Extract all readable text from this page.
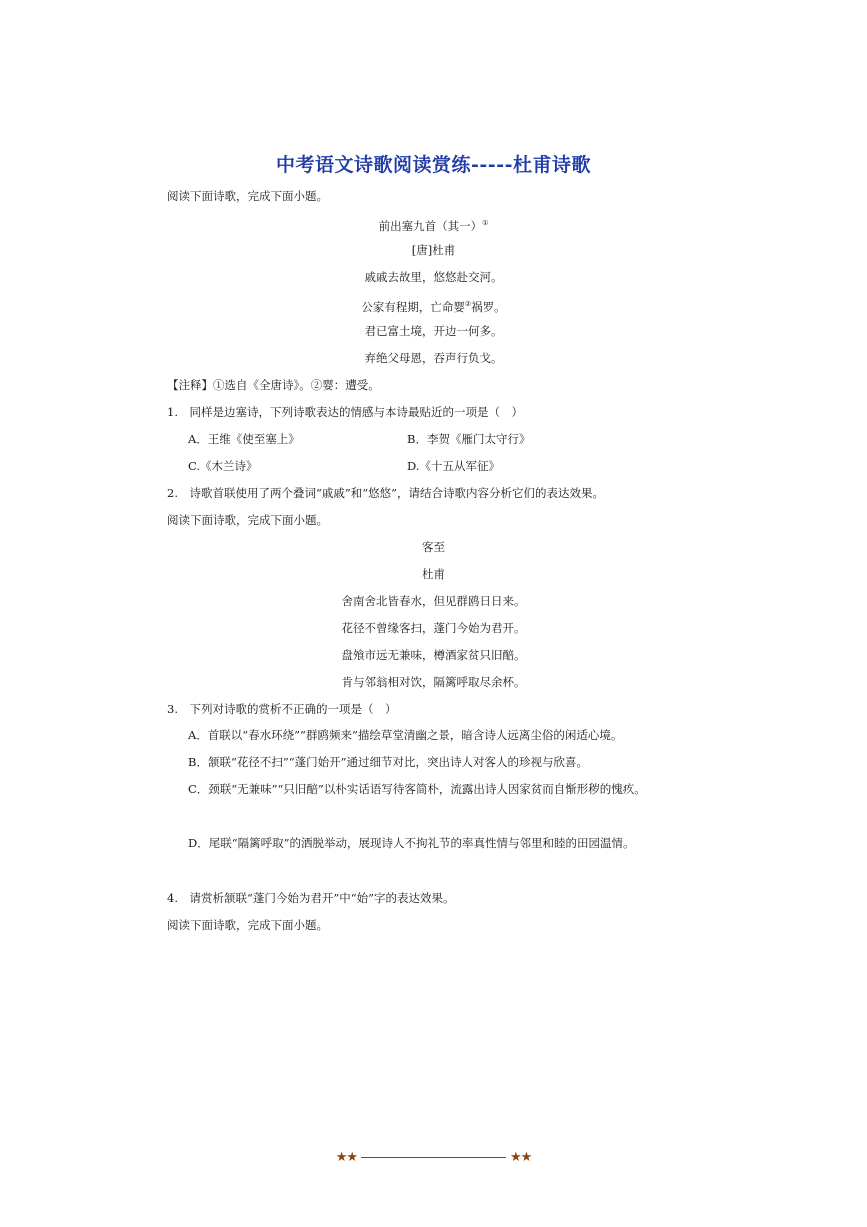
中考语文诗歌阅读赏练-----杜甫诗歌
阅读下面诗歌，完成下面小题。
前出塞九首（其一）①
[唐]杜甫
戚戚去故里，悠悠赴交河。
公家有程期，亡命婴②祸罗。
君已富土境，开边一何多。
弃绝父母恩，吞声行负戈。
【注释】①选自《全唐诗》。②婴：遭受。
1.　同样是边塞诗，下列诗歌表达的情感与本诗最贴近的一项是（　）
A．王维《使至塞上》	B．李贺《雁门太守行》
C.《木兰诗》	D.《十五从军征》
2.　诗歌首联使用了两个叠词“戚戚”和“悠悠”，请结合诗歌内容分析它们的表达效果。
阅读下面诗歌，完成下面小题。
客至
杜甫
舍南舍北皆春水，但见群鸥日日来。
花径不曾缘客扫，蓬门今始为君开。
盘飧市远无兼味，樽酒家贫只旧醅。
肯与邻翁相对饮，隔篱呼取尽余杯。
3.　下列对诗歌的赏析不正确的一项是（　）
A．首联以“春水环绕”“群鸥频来”描绘草堂清幽之景，暗含诗人远离尘俗的闲适心境。
B．颔联“花径不扫”“蓬门始开”通过细节对比，突出诗人对客人的珍视与欣喜。
C．颈联“无兼味”“只旧醅”以朴实话语写待客简朴，流露出诗人因家贫而自惭形秽的愧疚。
D．尾联“隔篱呼取”的洒脱举动，展现诗人不拘礼节的率真性情与邻里和睦的田园温情。
4.　请赏析颔联“蓬门今始为君开”中“始”字的表达效果。
阅读下面诗歌，完成下面小题。
★★	★★
